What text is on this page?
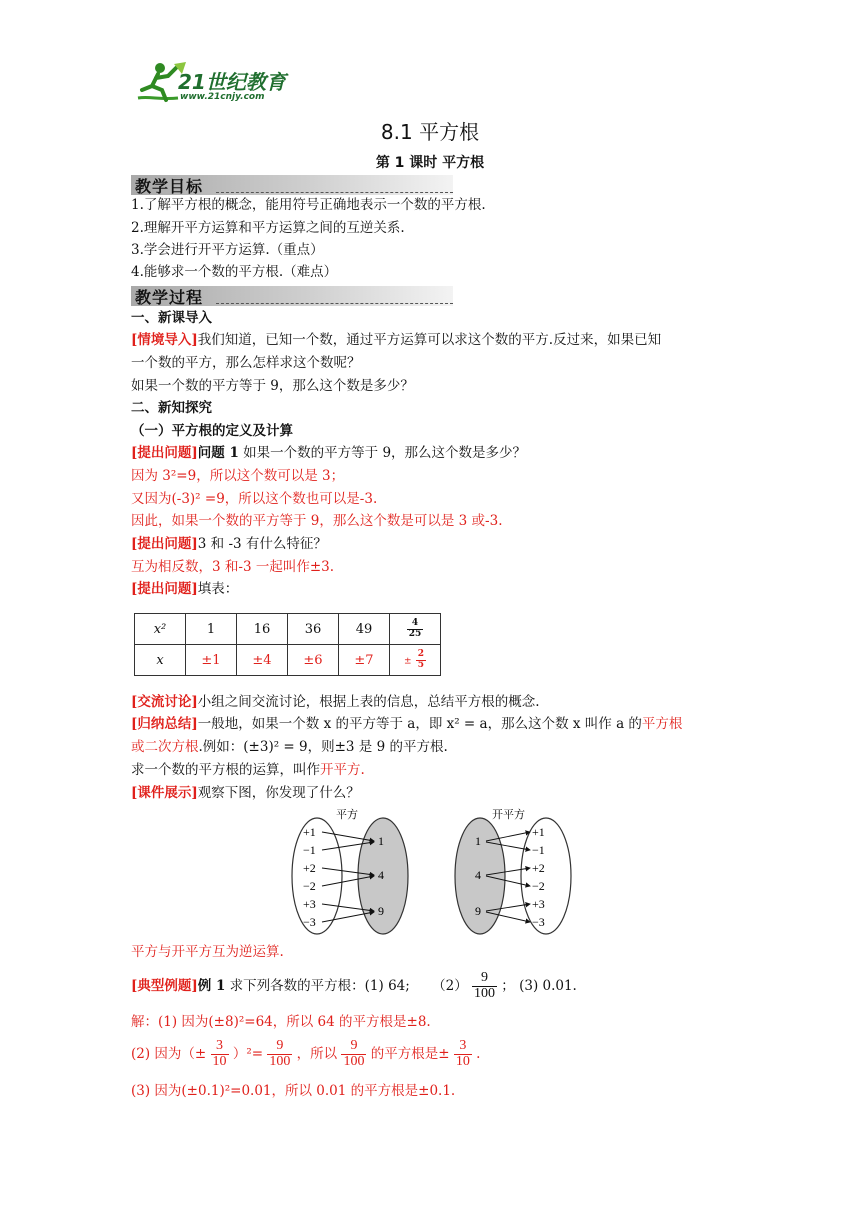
21世纪教育
www.21cnjy.com
8.1 平方根
第 1 课时 平方根
教学目标
1.了解平方根的概念，能用符号正确地表示一个数的平方根.
2.理解开平方运算和平方运算之间的互逆关系.
3.学会进行开平方运算.（重点）
4.能够求一个数的平方根.（难点）
教学过程
一、新课导入
[情境导入]我们知道，已知一个数，通过平方运算可以求这个数的平方.反过来，如果已知
一个数的平方，那么怎样求这个数呢？
如果一个数的平方等于 9，那么这个数是多少？
二、新知探究
（一）平方根的定义及计算
[提出问题]问题 1 如果一个数的平方等于 9，那么这个数是多少？
因为 3²=9，所以这个数可以是 3；
又因为(-3)² =9，所以这个数也可以是-3.
因此，如果一个数的平方等于 9，那么这个数是可以是 3 或-3.
[提出问题]3 和 -3 有什么特征？
互为相反数，3 和-3 一起叫作±3.
[提出问题]填表：
x²	1	16	36	49	$\frac{4}{25}$

x	±1	±4	±6	±7	± $\frac{2}{5}$
[交流讨论]小组之间交流讨论，根据上表的信息，总结平方根的概念.
[归纳总结]一般地，如果一个数 x 的平方等于 a，即 x² = a，那么这个数 x 叫作 a 的平方根
或二次方根.例如：(±3)² = 9，则±3 是 9 的平方根.
求一个数的平方根的运算，叫作开平方.
[课件展示]观察下图，你发现了什么？
平方
+1
−1
+2
−2
+3
−3
1
4
9
开平方
1
4
9
+1
−1
+2
−2
+3
−3
平方与开平方互为逆运算.
[典型例题]例 1 求下列各数的平方根：(1) 64; $(2) \frac{9}{100}$ ； (3) 0.01.
解：(1) 因为(±8)²=64，所以 64 的平方根是±8.
(2) 因为（± $\frac{3}{10} )^2= \frac{9}{100}$ ，所以 $\frac{9}{100}$ 的平方根是± $\frac{3}{10}$ .
(3) 因为(±0.1)²=0.01，所以 0.01 的平方根是±0.1.
